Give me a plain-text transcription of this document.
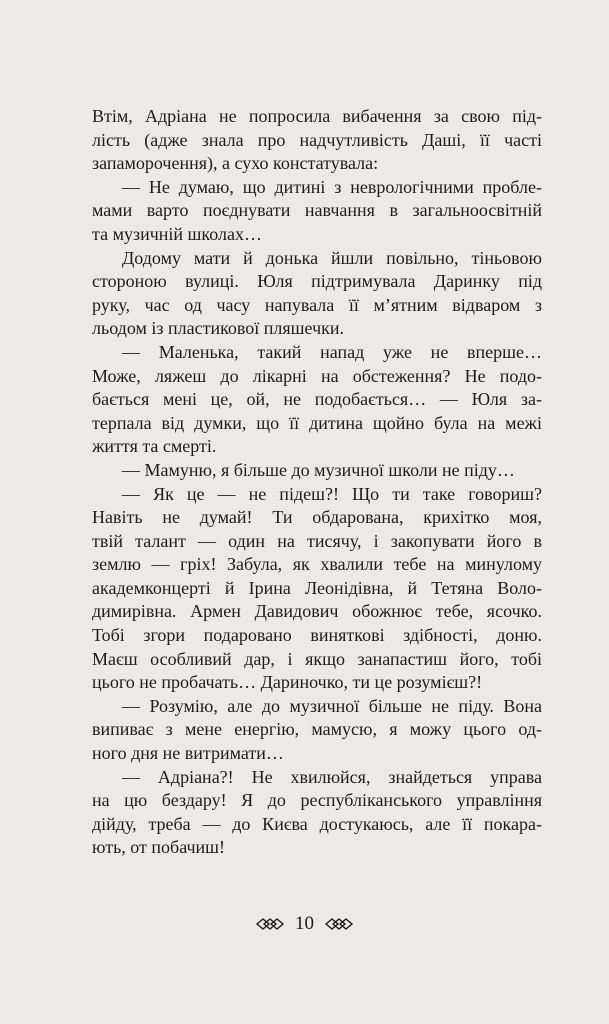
Втім, Адріана не попросила вибачення за свою під-
лість (адже знала про надчутливість Даші, її часті
запаморочення), а сухо констатувала:
— Не думаю, що дитині з неврологічними пробле-
мами варто поєднувати навчання в загальноосвітній
та музичній школах…
Додому мати й донька йшли повільно, тіньовою
стороною вулиці. Юля підтримувала Даринку під
руку, час од часу напувала її м’ятним відваром з
льодом із пластикової пляшечки.
— Маленька, такий напад уже не вперше…
Може, ляжеш до лікарні на обстеження? Не подо-
бається мені це, ой, не подобається… — Юля за-
терпала від думки, що її дитина щойно була на межі
життя та смерті.
— Мамуню, я більше до музичної школи не піду…
— Як це — не підеш?! Що ти таке говориш?
Навіть не думай! Ти обдарована, крихітко моя,
твій талант — один на тисячу, і закопувати його в
землю — гріх! Забула, як хвалили тебе на минулому
академконцерті й Ірина Леонідівна, й Тетяна Воло-
димирівна. Армен Давидович обожнює тебе, ясочко.
Тобі згори подаровано винятковi здібності, доню.
Маєш особливий дар, і якщо занапастиш його, тобі
цього не пробачать… Дариночко, ти це розумієш?!
— Розумію, але до музичної більше не піду. Вона
випиває з мене енергію, мамусю, я можу цього од-
ного дня не витримати…
— Адріана?! Не хвилюйся, знайдеться управа
на цю бездару! Я до республіканського управління
дійду, треба — до Києва достукаюсь, але її покара-
ють, от побачиш!
10
